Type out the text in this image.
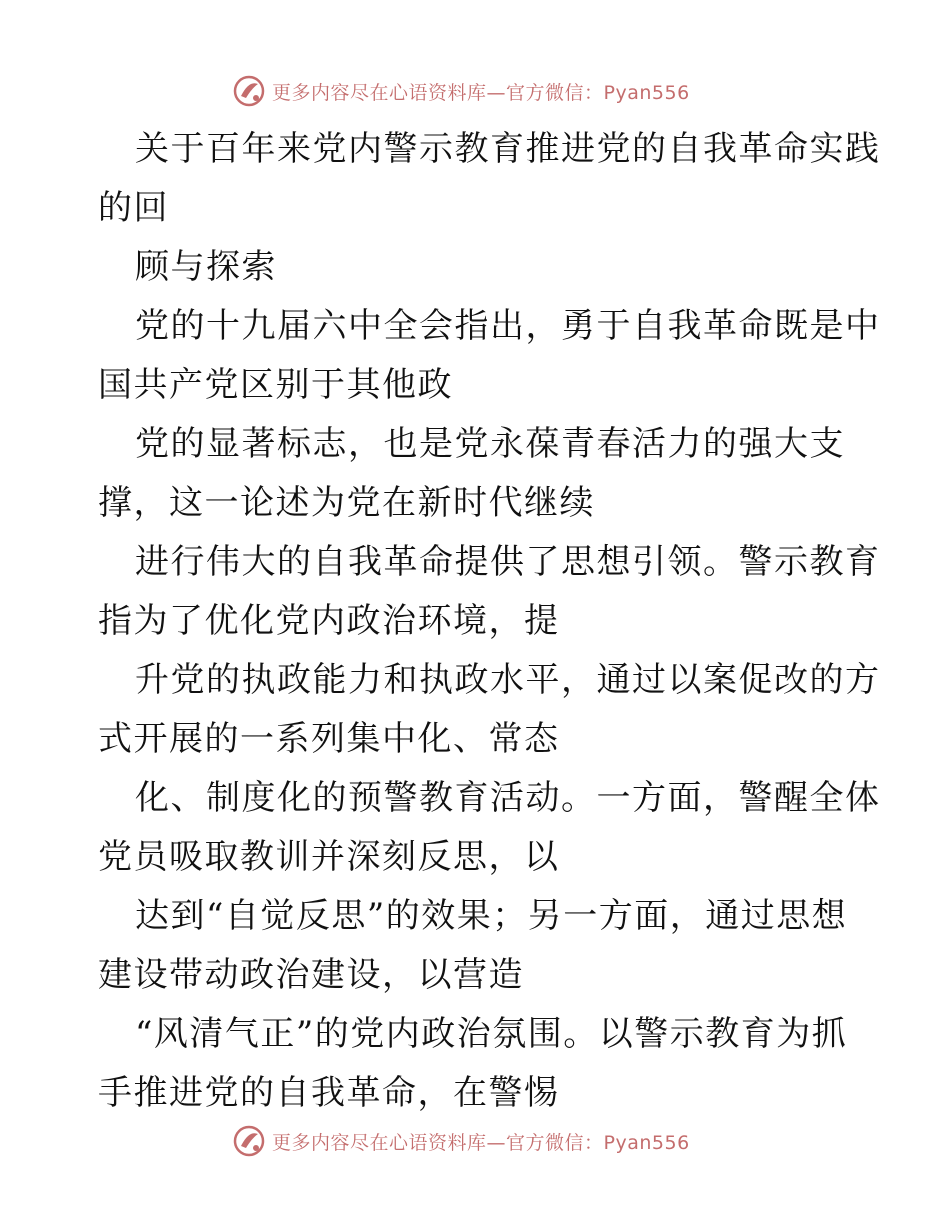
更多内容尽在心语资料库—官方微信：Pyan556
关于百年来党内警示教育推进党的自我革命实践
的回
顾与探索
党的十九届六中全会指出，勇于自我革命既是中
国共产党区别于其他政
党的显著标志，也是党永葆青春活力的强大支
撑，这一论述为党在新时代继续
进行伟大的自我革命提供了思想引领。警示教育
指为了优化党内政治环境，提
升党的执政能力和执政水平，通过以案促改的方
式开展的一系列集中化、常态
化、制度化的预警教育活动。一方面，警醒全体
党员吸取教训并深刻反思，以
达到“自觉反思”的效果；另一方面，通过思想
建设带动政治建设，以营造
“风清气正”的党内政治氛围。以警示教育为抓
手推进党的自我革命，在警惕
更多内容尽在心语资料库—官方微信：Pyan556
